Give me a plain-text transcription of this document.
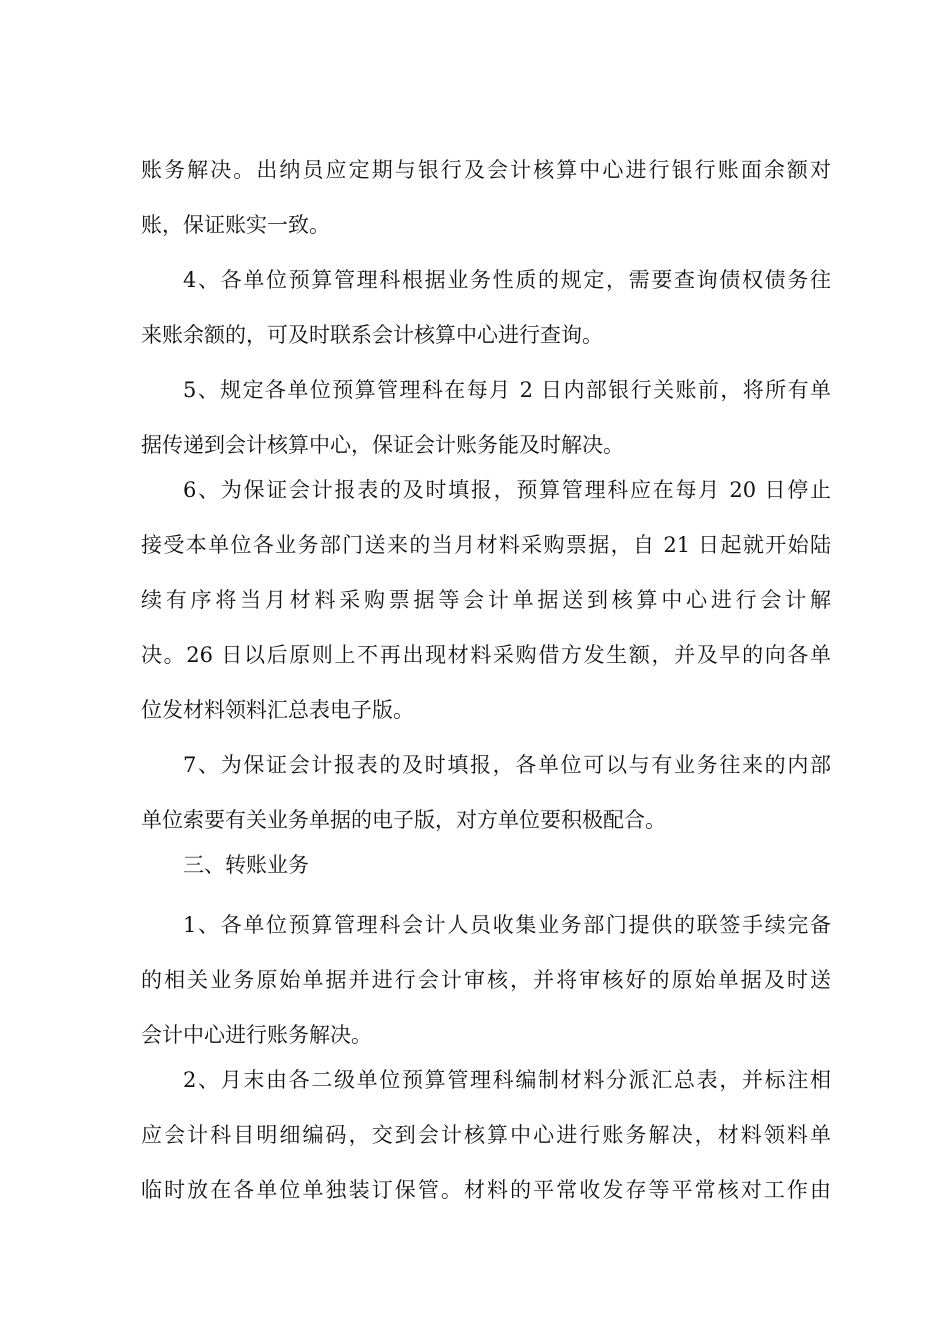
账务解决。出纳员应定期与银行及会计核算中心进行银行账面余额对
账，保证账实一致。
4、各单位预算管理科根据业务性质的规定，需要查询债权债务往
来账余额的，可及时联系会计核算中心进行查询。
5、规定各单位预算管理科在每月 2 日内部银行关账前，将所有单
据传递到会计核算中心，保证会计账务能及时解决。
6、为保证会计报表的及时填报，预算管理科应在每月 20 日停止
接受本单位各业务部门送来的当月材料采购票据，自 21 日起就开始陆
续有序将当月材料采购票据等会计单据送到核算中心进行会计解
决。26 日以后原则上不再出现材料采购借方发生额，并及早的向各单
位发材料领料汇总表电子版。
7、为保证会计报表的及时填报，各单位可以与有业务往来的内部
单位索要有关业务单据的电子版，对方单位要积极配合。
三、转账业务
1、各单位预算管理科会计人员收集业务部门提供的联签手续完备
的相关业务原始单据并进行会计审核，并将审核好的原始单据及时送
会计中心进行账务解决。
2、月末由各二级单位预算管理科编制材料分派汇总表，并标注相
应会计科目明细编码，交到会计核算中心进行账务解决，材料领料单
临时放在各单位单独装订保管。材料的平常收发存等平常核对工作由
